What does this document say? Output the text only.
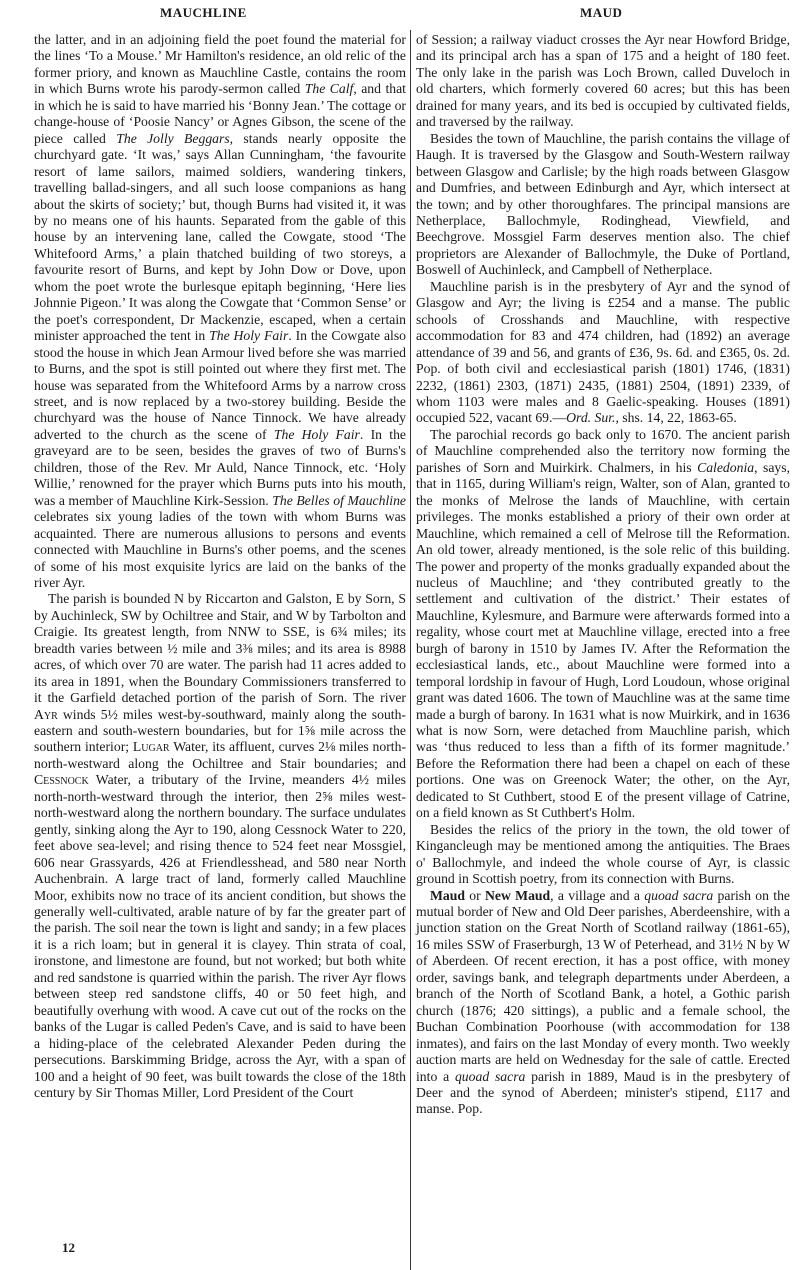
MAUCHLINE	MAUD

the latter, and in an adjoining field the poet found the material for the lines ‘To a Mouse.’ Mr Hamilton's residence, an old relic of the former priory, and known as Mauchline Castle, contains the room in which Burns wrote his parody-sermon called The Calf, and that in which he is said to have married his ‘Bonny Jean.’ The cottage or change-house of ‘Poosie Nancy’ or Agnes Gibson, the scene of the piece called The Jolly Beggars, stands nearly opposite the churchyard gate. ‘It was,’ says Allan Cunningham, ‘the favourite resort of lame sailors, maimed soldiers, wandering tinkers, travelling ballad-singers, and all such loose companions as hang about the skirts of society;’ but, though Burns had visited it, it was by no means one of his haunts. Separated from the gable of this house by an intervening lane, called the Cowgate, stood ‘The Whitefoord Arms,’ a plain thatched building of two storeys, a favourite resort of Burns, and kept by John Dow or Dove, upon whom the poet wrote the burlesque epitaph beginning, ‘Here lies Johnnie Pigeon.’ It was along the Cowgate that ‘Common Sense’ or the poet's correspondent, Dr Mackenzie, escaped, when a certain minister approached the tent in The Holy Fair. In the Cowgate also stood the house in which Jean Armour lived before she was married to Burns, and the spot is still pointed out where they first met. The house was separated from the Whitefoord Arms by a narrow cross street, and is now replaced by a two-storey building. Beside the churchyard was the house of Nance Tinnock. We have already adverted to the church as the scene of The Holy Fair. In the graveyard are to be seen, besides the graves of two of Burns's children, those of the Rev. Mr Auld, Nance Tinnock, etc. ‘Holy Willie,’ renowned for the prayer which Burns puts into his mouth, was a member of Mauchline Kirk-Session. The Belles of Mauchline celebrates six young ladies of the town with whom Burns was acquainted. There are numerous allusions to persons and events connected with Mauchline in Burns's other poems, and the scenes of some of his most exquisite lyrics are laid on the banks of the river Ayr.

The parish is bounded N by Riccarton and Galston, E by Sorn, S by Auchinleck, SW by Ochiltree and Stair, and W by Tarbolton and Craigie. Its greatest length, from NNW to SSE, is 6¾ miles; its breadth varies between ½ mile and 3⅜ miles; and its area is 8988 acres, of which over 70 are water. The parish had 11 acres added to its area in 1891, when the Boundary Commissioners transferred to it the Garfield detached portion of the parish of Sorn. The river Ayr winds 5½ miles west-by-southward, mainly along the south-eastern and south-western boundaries, but for 1⅝ mile across the southern interior; Lugar Water, its affluent, curves 2⅛ miles north-north-westward along the Ochiltree and Stair boundaries; and Cessnock Water, a tributary of the Irvine, meanders 4½ miles north-north-westward through the interior, then 2⅝ miles west-north-westward along the northern boundary. The surface undulates gently, sinking along the Ayr to 190, along Cessnock Water to 220, feet above sea-level; and rising thence to 524 feet near Mossgiel, 606 near Grassyards, 426 at Friendlesshead, and 580 near North Auchenbrain. A large tract of land, formerly called Mauchline Moor, exhibits now no trace of its ancient condition, but shows the generally well-cultivated, arable nature of by far the greater part of the parish. The soil near the town is light and sandy; in a few places it is a rich loam; but in general it is clayey. Thin strata of coal, ironstone, and limestone are found, but not worked; but both white and red sandstone is quarried within the parish. The river Ayr flows between steep red sandstone cliffs, 40 or 50 feet high, and beautifully overhung with wood. A cave cut out of the rocks on the banks of the Lugar is called Peden's Cave, and is said to have been a hiding-place of the celebrated Alexander Peden during the persecutions. Barskimming Bridge, across the Ayr, with a span of 100 and a height of 90 feet, was built towards the close of the 18th century by Sir Thomas Miller, Lord President of the Court

of Session; a railway viaduct crosses the Ayr near Howford Bridge, and its principal arch has a span of 175 and a height of 180 feet. The only lake in the parish was Loch Brown, called Duveloch in old charters, which formerly covered 60 acres; but this has been drained for many years, and its bed is occupied by cultivated fields, and traversed by the railway.

Besides the town of Mauchline, the parish contains the village of Haugh. It is traversed by the Glasgow and South-Western railway between Glasgow and Carlisle; by the high roads between Glasgow and Dumfries, and between Edinburgh and Ayr, which intersect at the town; and by other thoroughfares. The principal mansions are Netherplace, Ballochmyle, Rodinghead, Viewfield, and Beechgrove. Mossgiel Farm deserves mention also. The chief proprietors are Alexander of Ballochmyle, the Duke of Portland, Boswell of Auchinleck, and Campbell of Netherplace.

Mauchline parish is in the presbytery of Ayr and the synod of Glasgow and Ayr; the living is £254 and a manse. The public schools of Crosshands and Mauchline, with respective accommodation for 83 and 474 children, had (1892) an average attendance of 39 and 56, and grants of £36, 9s. 6d. and £365, 0s. 2d. Pop. of both civil and ecclesiastical parish (1801) 1746, (1831) 2232, (1861) 2303, (1871) 2435, (1881) 2504, (1891) 2339, of whom 1103 were males and 8 Gaelic-speaking. Houses (1891) occupied 522, vacant 69.—Ord. Sur., shs. 14, 22, 1863-65.

The parochial records go back only to 1670. The ancient parish of Mauchline comprehended also the territory now forming the parishes of Sorn and Muirkirk. Chalmers, in his Caledonia, says, that in 1165, during William's reign, Walter, son of Alan, granted to the monks of Melrose the lands of Mauchline, with certain privileges. The monks established a priory of their own order at Mauchline, which remained a cell of Melrose till the Reformation. An old tower, already mentioned, is the sole relic of this building. The power and property of the monks gradually expanded about the nucleus of Mauchline; and ‘they contributed greatly to the settlement and cultivation of the district.’ Their estates of Mauchline, Kylesmure, and Barmure were afterwards formed into a regality, whose court met at Mauchline village, erected into a free burgh of barony in 1510 by James IV. After the Reformation the ecclesiastical lands, etc., about Mauchline were formed into a temporal lordship in favour of Hugh, Lord Loudoun, whose original grant was dated 1606. The town of Mauchline was at the same time made a burgh of barony. In 1631 what is now Muirkirk, and in 1636 what is now Sorn, were detached from Mauchline parish, which was ‘thus reduced to less than a fifth of its former magnitude.’ Before the Reformation there had been a chapel on each of these portions. One was on Greenock Water; the other, on the Ayr, dedicated to St Cuthbert, stood E of the present village of Catrine, on a field known as St Cuthbert's Holm.

Besides the relics of the priory in the town, the old tower of Kingancleugh may be mentioned among the antiquities. The Braes o' Ballochmyle, and indeed the whole course of Ayr, is classic ground in Scottish poetry, from its connection with Burns.

Maud or New Maud, a village and a quoad sacra parish on the mutual border of New and Old Deer parishes, Aberdeenshire, with a junction station on the Great North of Scotland railway (1861-65), 16 miles SSW of Fraserburgh, 13 W of Peterhead, and 31½ N by W of Aberdeen. Of recent erection, it has a post office, with money order, savings bank, and telegraph departments under Aberdeen, a branch of the North of Scotland Bank, a hotel, a Gothic parish church (1876; 420 sittings), a public and a female school, the Buchan Combination Poorhouse (with accommodation for 138 inmates), and fairs on the last Monday of every month. Two weekly auction marts are held on Wednesday for the sale of cattle. Erected into a quoad sacra parish in 1889, Maud is in the presbytery of Deer and the synod of Aberdeen; minister's stipend, £117 and manse. Pop.

12
